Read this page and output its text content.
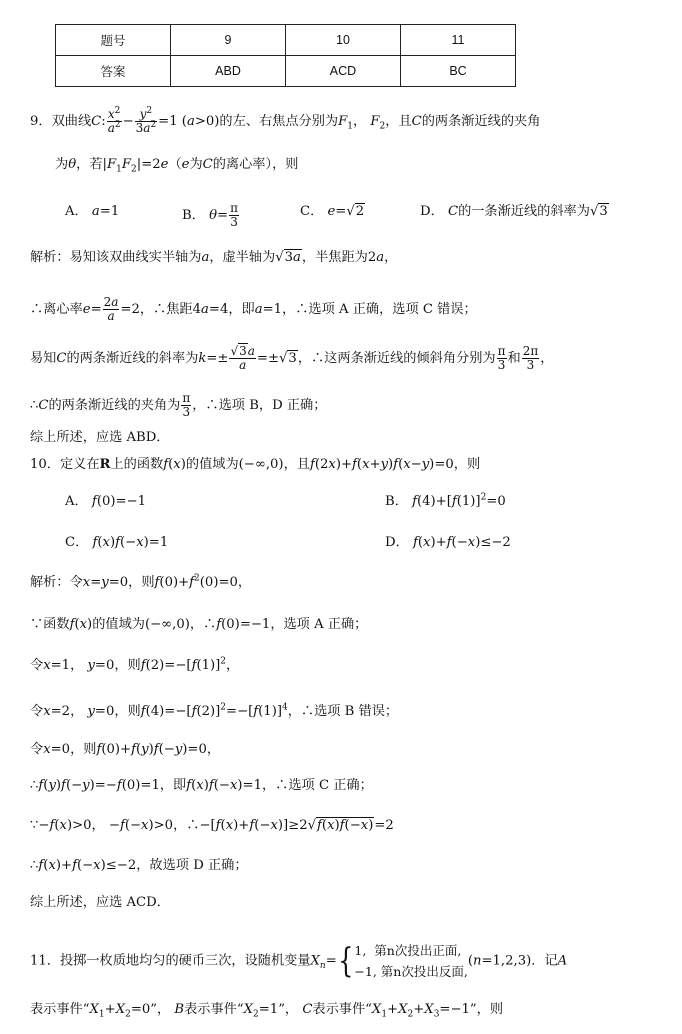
题号	9	10	11
答案	ABD	ACD	BC
9．双曲线C: $\frac{x^2}{a^2} - \frac{y^2}{3a^2} =1$ (a>0)的左、右焦点分别为$F_1$， $F_2$，且C的两条渐近线的夹角
为θ，若$|F_1F_2|=2e(e$为C的离心率），则
A． a=1	B． $\theta= \frac{\pi}{3}$	C． e=√2	D． C的一条渐近线的斜率为√3
解析：易知该双曲线实半轴为a，虚半轴为√3a，半焦距为2a，
∴离心率$e= \frac{2a}{a} =2$，∴焦距4a=4，即a=1，∴选项 A 正确，选项 C 错误；
易知C的两条渐近线的斜率为$k=\pm \frac{√3a}{a} =\pm√3$，∴这两条渐近线的倾斜角分别为 $\frac{\pi}{3}$ 和 $\frac{2\pi}{3}$ ，
∴C的两条渐近线的夹角为 $\frac{\pi}{3}$ ，∴选项 B，D 正确；
综上所述，应选 ABD．
10．定义在R上的函数f(x)的值域为(−∞,0)，且f(2x)+f(x+y)f(x−y)=0，则
A． f(0)=−1	B． $f(4)+[f(1)]^2=0$
C． f(x)f(−x)=1	D． f(x)+f(−x)≤−2
解析：令x=y=0，则$f(0)+f^2(0)=0$，
∵函数f(x)的值域为(−∞,0)，∴f(0)=−1，选项 A 正确；
令x=1， y=0，则$f(2)=-[f(1)]^2$，
令x=2， y=0，则$f(4)=-[f(2)]^2=-[f(1)]^4$，∴选项 B 错误；
令x=0，则f(0)+f(y)f(−y)=0，
∴f(y)f(−y)=−f(0)=1，即f(x)f(−x)=1，∴选项 C 正确；
∵−f(x)>0， −f(−x)>0，∴−[f(x)+f(−x)]≥2√f(x)f(−x)=2
∴f(x)+f(−x)≤−2，故选项 D 正确；
综上所述，应选 ACD．
11．投掷一枚质地均匀的硬币三次，设随机变量$X_n=${ 1,  第n次投出正面,
−1, 第n次投出反面,
(n=1,2,3)．记A
表示事件“$X_1+X_2=0$”， B表示事件“$X_2=1$”， C表示事件“$X_1+X_2+X_3=-1$”，则
